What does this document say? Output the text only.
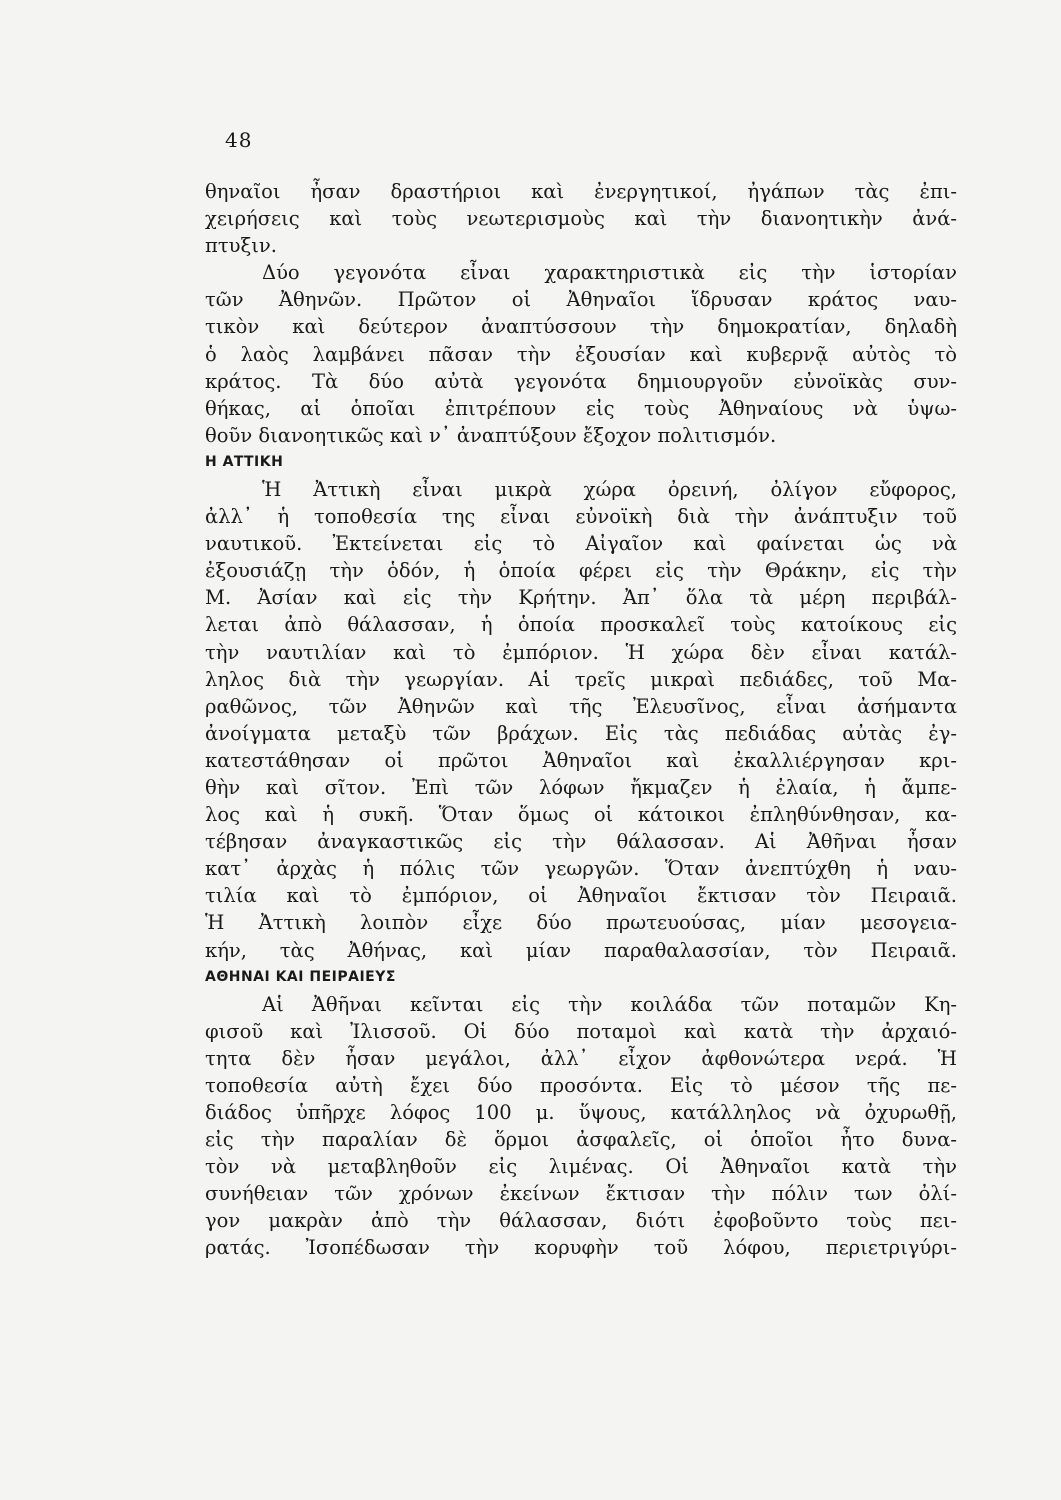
48
θηναῖοι ἦσαν δραστήριοι καὶ ἐνεργητικοί, ἠγάπων τὰς ἐπι-
χειρήσεις καὶ τοὺς νεωτερισμοὺς καὶ τὴν διανοητικὴν ἀνά-
πτυξιν.
Δύο γεγονότα εἶναι χαρακτηριστικὰ εἰς τὴν ἱστορίαν
τῶν Ἀθηνῶν. Πρῶτον οἱ Ἀθηναῖοι ἵδρυσαν κράτος ναυ-
τικὸν καὶ δεύτερον ἀναπτύσσουν τὴν δημοκρατίαν, δηλαδὴ
ὁ λαὸς λαμβάνει πᾶσαν τὴν ἐξουσίαν καὶ κυβερνᾷ αὐτὸς τὸ
κράτος. Τὰ δύο αὐτὰ γεγονότα δημιουργοῦν εὐνοϊκὰς συν-
θήκας, αἱ ὁποῖαι ἐπιτρέπουν εἰς τοὺς Ἀθηναίους νὰ ὑψω-
θοῦν διανοητικῶς καὶ ν᾿ ἀναπτύξουν ἔξοχον πολιτισμόν.
Η ΑΤΤΙΚΗ
Ἡ Ἀττικὴ εἶναι μικρὰ χώρα ὀρεινή, ὀλίγον εὔφορος,
ἀλλ᾿ ἡ τοποθεσία της εἶναι εὐνοϊκὴ διὰ τὴν ἀνάπτυξιν τοῦ
ναυτικοῦ. Ἐκτείνεται εἰς τὸ Αἰγαῖον καὶ φαίνεται ὡς νὰ
ἐξουσιάζῃ τὴν ὁδόν, ἡ ὁποία φέρει εἰς τὴν Θράκην, εἰς τὴν
Μ. Ἀσίαν καὶ εἰς τὴν Κρήτην. Ἀπ᾿ ὅλα τὰ μέρη περιβάλ-
λεται ἀπὸ θάλασσαν, ἡ ὁποία προσκαλεῖ τοὺς κατοίκους εἰς
τὴν ναυτιλίαν καὶ τὸ ἐμπόριον. Ἡ χώρα δὲν εἶναι κατάλ-
ληλος διὰ τὴν γεωργίαν. Αἱ τρεῖς μικραὶ πεδιάδες, τοῦ Μα-
ραθῶνος, τῶν Ἀθηνῶν καὶ τῆς Ἐλευσῖνος, εἶναι ἀσήμαντα
ἀνοίγματα μεταξὺ τῶν βράχων. Εἰς τὰς πεδιάδας αὐτὰς ἐγ-
κατεστάθησαν οἱ πρῶτοι Ἀθηναῖοι καὶ ἐκαλλιέργησαν κρι-
θὴν καὶ σῖτον. Ἐπὶ τῶν λόφων ἤκμαζεν ἡ ἐλαία, ἡ ἄμπε-
λος καὶ ἡ συκῆ. Ὅταν ὅμως οἱ κάτοικοι ἐπληθύνθησαν, κα-
τέβησαν ἀναγκαστικῶς εἰς τὴν θάλασσαν. Αἱ Ἀθῆναι ἦσαν
κατ᾿ ἀρχὰς ἡ πόλις τῶν γεωργῶν. Ὅταν ἀνεπτύχθη ἡ ναυ-
τιλία καὶ τὸ ἐμπόριον, οἱ Ἀθηναῖοι ἔκτισαν τὸν Πειραιᾶ.
Ἡ Ἀττικὴ λοιπὸν εἶχε δύο πρωτευούσας, μίαν μεσογεια-
κήν, τὰς Ἀθήνας, καὶ μίαν παραθαλασσίαν, τὸν Πειραιᾶ.
ΑΘΗΝΑΙ ΚΑΙ ΠΕΙΡΑΙΕΥΣ
Αἱ Ἀθῆναι κεῖνται εἰς τὴν κοιλάδα τῶν ποταμῶν Κη-
φισοῦ καὶ Ἰλισσοῦ. Οἱ δύο ποταμοὶ καὶ κατὰ τὴν ἀρχαιό-
τητα δὲν ἦσαν μεγάλοι, ἀλλ᾿ εἶχον ἀφθονώτερα νερά. Ἡ
τοποθεσία αὐτὴ ἔχει δύο προσόντα. Εἰς τὸ μέσον τῆς πε-
διάδος ὑπῆρχε λόφος 100 μ. ὕψους, κατάλληλος νὰ ὀχυρωθῇ,
εἰς τὴν παραλίαν δὲ ὅρμοι ἀσφαλεῖς, οἱ ὁποῖοι ἦτο δυνα-
τὸν νὰ μεταβληθοῦν εἰς λιμένας. Οἱ Ἀθηναῖοι κατὰ τὴν
συνήθειαν τῶν χρόνων ἐκείνων ἔκτισαν τὴν πόλιν των ὀλί-
γον μακρὰν ἀπὸ τὴν θάλασσαν, διότι ἐφοβοῦντο τοὺς πει-
ρατάς. Ἰσοπέδωσαν τὴν κορυφὴν τοῦ λόφου, περιετριγύρι-
